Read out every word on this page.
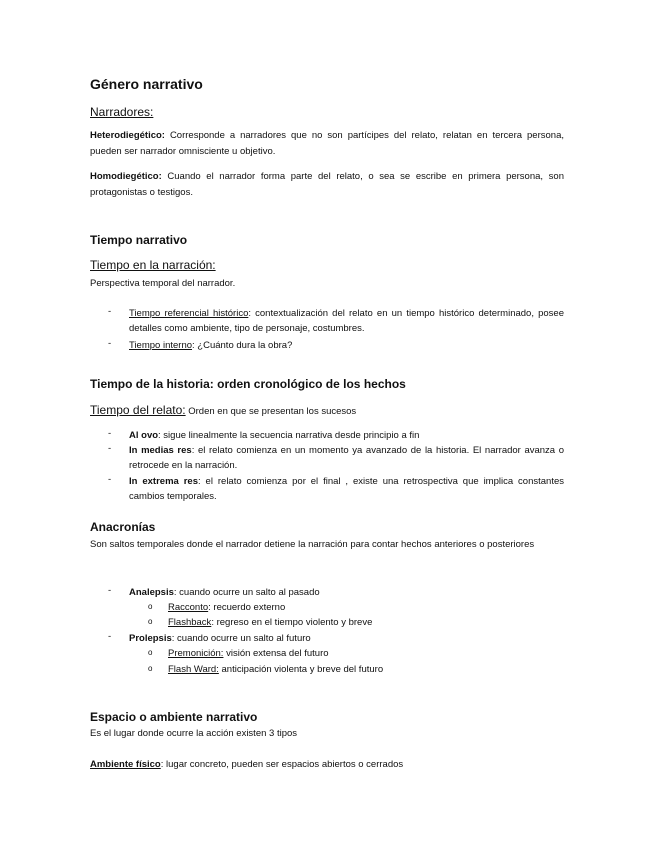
Género narrativo
Narradores:
Heterodiegético: Corresponde a narradores que no son partícipes del relato, relatan en tercera persona, pueden ser narrador omnisciente u objetivo.
Homodiegético: Cuando el narrador forma parte del relato, o sea se escribe en primera persona, son protagonistas o testigos.
Tiempo narrativo
Tiempo en la narración:
Perspectiva temporal del narrador.
- Tiempo referencial histórico: contextualización del relato en un tiempo histórico determinado, posee detalles como ambiente, tipo de personaje, costumbres.
- Tiempo interno: ¿Cuánto dura la obra?
Tiempo de la historia: orden cronológico de los hechos
Tiempo del relato: Orden en que se presentan los sucesos
- Al ovo: sigue linealmente la secuencia narrativa desde principio a fin
- In medias res: el relato comienza en un momento ya avanzado de la historia. El narrador avanza o retrocede en la narración.
- In extrema res: el relato comienza por el final , existe una retrospectiva que implica constantes cambios temporales.
Anacronías
Son saltos temporales donde el narrador detiene la narración para contar hechos anteriores o posteriores
- Analepsis: cuando ocurre un salto al pasado
o Racconto: recuerdo externo
o Flashback: regreso en el tiempo violento y breve
- Prolepsis: cuando ocurre un salto al futuro
o Premonición: visión extensa del futuro
o Flash Ward: anticipación violenta y breve del futuro
Espacio o ambiente narrativo
Es el lugar donde ocurre la acción existen 3 tipos
Ambiente físico: lugar concreto, pueden ser espacios abiertos o cerrados
